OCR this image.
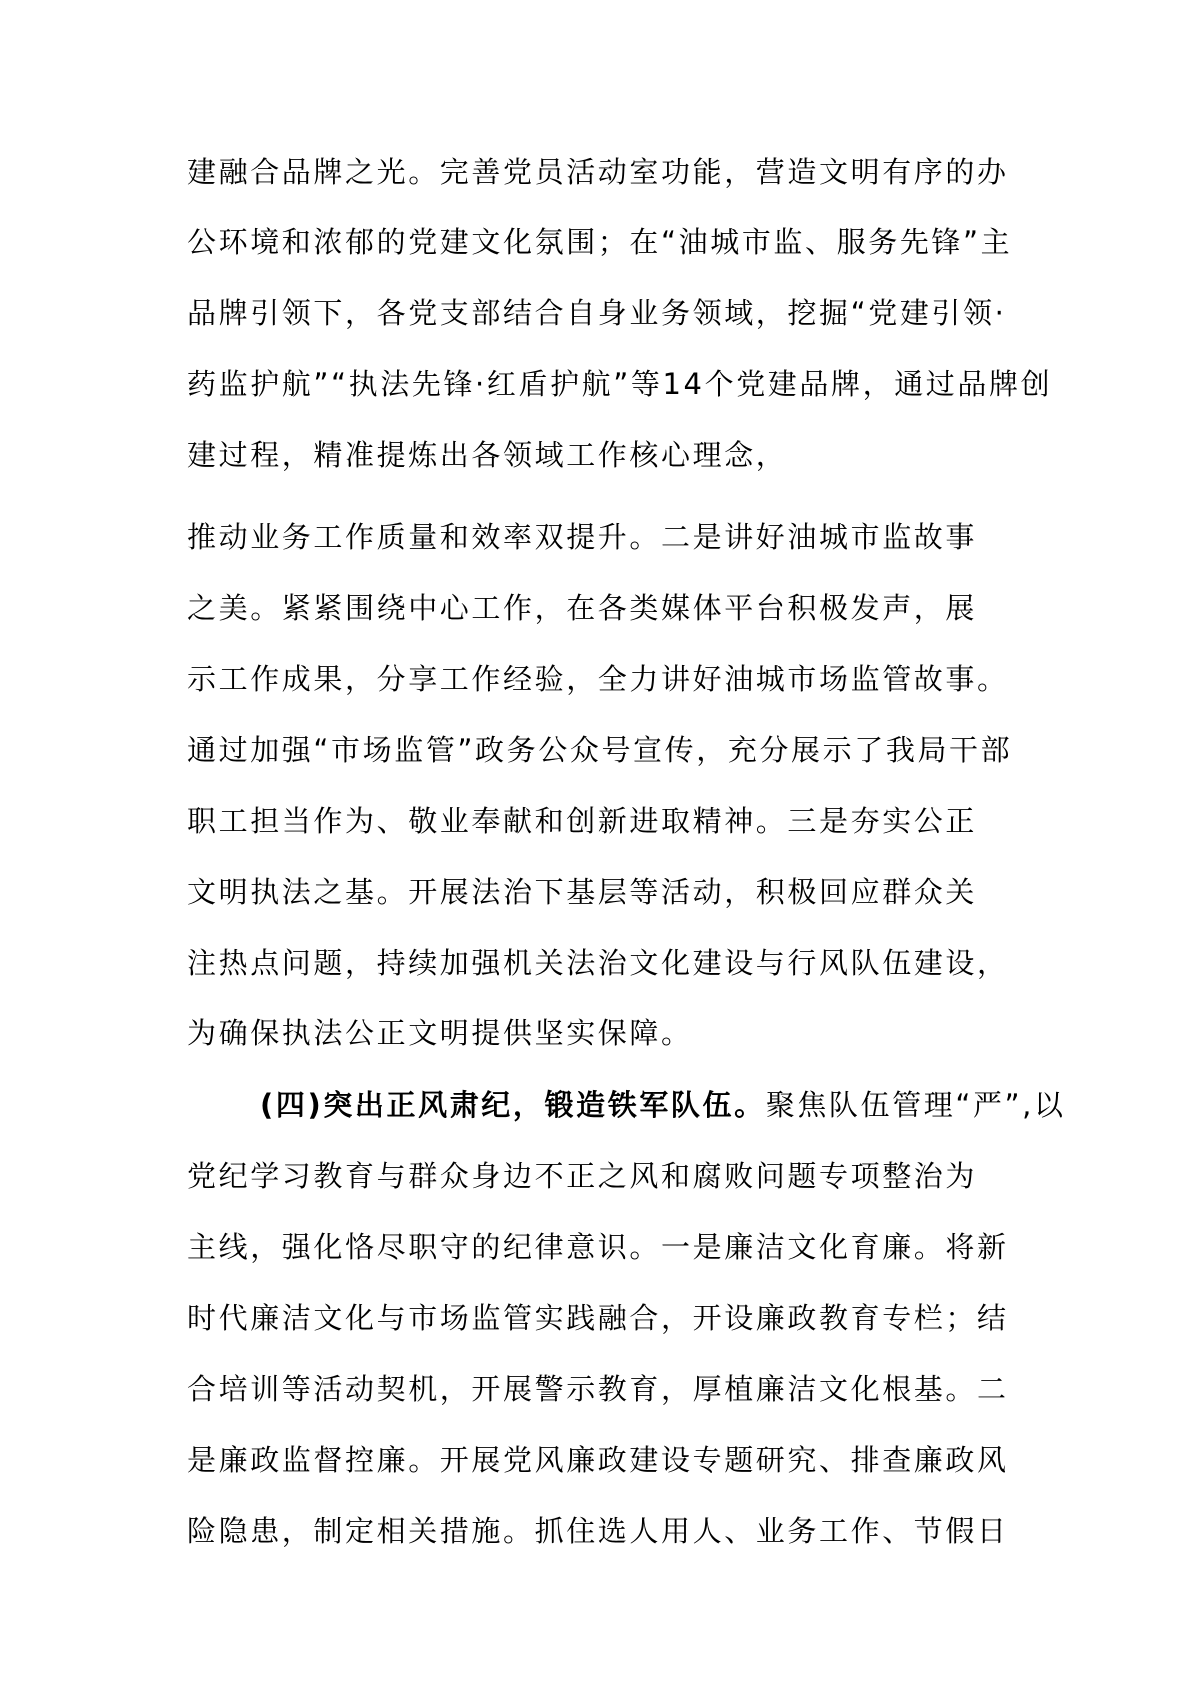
建融合品牌之光。完善党员活动室功能，营造文明有序的办
公环境和浓郁的党建文化氛围；在“油城市监、服务先锋”主
品牌引领下，各党支部结合自身业务领域，挖掘“党建引领·
药监护航”“执法先锋·红盾护航”等14个党建品牌，通过品牌创
建过程，精准提炼出各领域工作核心理念，
推动业务工作质量和效率双提升。二是讲好油城市监故事
之美。紧紧围绕中心工作，在各类媒体平台积极发声，展
示工作成果，分享工作经验，全力讲好油城市场监管故事。
通过加强“市场监管”政务公众号宣传，充分展示了我局干部
职工担当作为、敬业奉献和创新进取精神。三是夯实公正
文明执法之基。开展法治下基层等活动，积极回应群众关
注热点问题，持续加强机关法治文化建设与行风队伍建设，
为确保执法公正文明提供坚实保障。
(四)突出正风肃纪，锻造铁军队伍。聚焦队伍管理“严”,以
党纪学习教育与群众身边不正之风和腐败问题专项整治为
主线，强化恪尽职守的纪律意识。一是廉洁文化育廉。将新
时代廉洁文化与市场监管实践融合，开设廉政教育专栏；结
合培训等活动契机，开展警示教育，厚植廉洁文化根基。二
是廉政监督控廉。开展党风廉政建设专题研究、排查廉政风
险隐患，制定相关措施。抓住选人用人、业务工作、节假日
